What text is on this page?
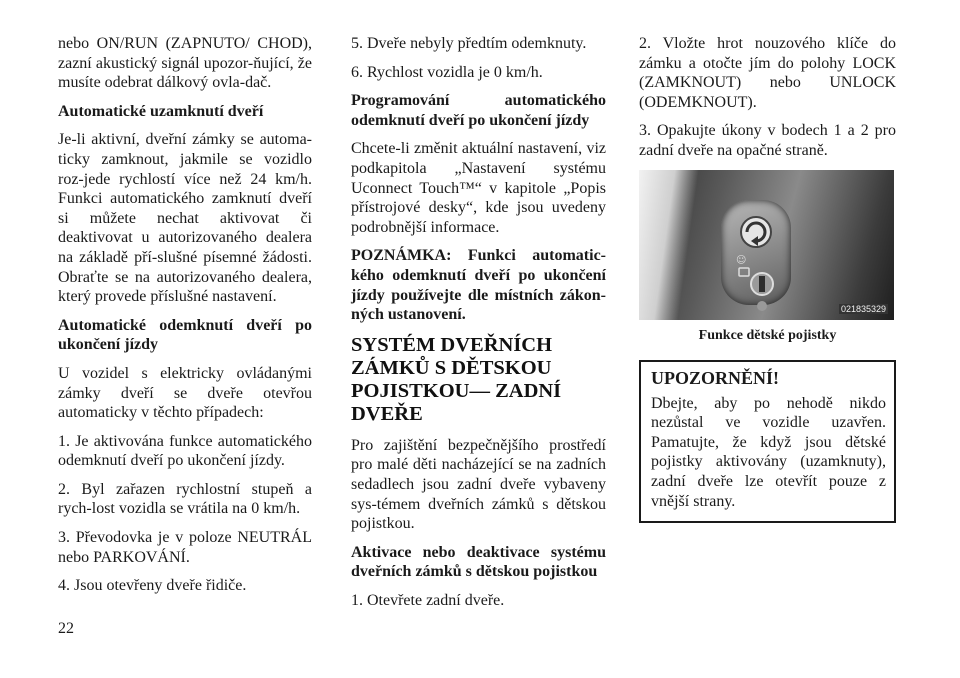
nebo ON/RUN (ZAPNUTO/ CHOD), zazní akustický signál upozor-ňující, že musíte odebrat dálkový ovla-dač.

Automatické uzamknutí dveří

Je-li aktivní, dveřní zámky se automa-ticky zamknout, jakmile se vozidlo roz-jede rychlostí více než 24 km/h. Funkci automatického zamknutí dveří si můžete nechat aktivovat či deaktivovat u autorizovaného dealera na základě pří-slušné písemné žádosti. Obraťte se na autorizovaného dealera, který provede příslušné nastavení.

Automatické odemknutí dveří po ukončení jízdy

U vozidel s elektricky ovládanými zámky dveří se dveře otevřou automaticky v těchto případech:

1. Je aktivována funkce automatického odemknutí dveří po ukončení jízdy.

2. Byl zařazen rychlostní stupeň a rych-lost vozidla se vrátila na 0 km/h.

3. Převodovka je v poloze NEUTRÁL nebo PARKOVÁNÍ.

4. Jsou otevřeny dveře řidiče.

5. Dveře nebyly předtím odemknuty.

6. Rychlost vozidla je 0 km/h.

Programování automatického odemknutí dveří po ukončení jízdy

Chcete-li změnit aktuální nastavení, viz podkapitola „Nastavení systému Uconnect Touch™“ v kapitole „Popis přístrojové desky“, kde jsou uvedeny podrobnější informace.

POZNÁMKA: Funkci automatic-kého odemknutí dveří po ukončení jízdy používejte dle místních zákon-ných ustanovení.

SYSTÉM DVEŘNÍCH ZÁMKŮ S DĚTSKOU POJISTKOU— ZADNÍ DVEŘE

Pro zajištění bezpečnějšího prostředí pro malé děti nacházející se na zadních sedadlech jsou zadní dveře vybaveny sys-témem dveřních zámků s dětskou pojistkou.

Aktivace nebo deaktivace systému dveřních zámků s dětskou pojistkou

1. Otevřete zadní dveře.

2. Vložte hrot nouzového klíče do zámku a otočte jím do polohy LOCK (ZAMKNOUT) nebo UNLOCK (ODEMKNOUT).

3. Opakujte úkony v bodech 1 a 2 pro zadní dveře na opačné straně.

☺
021835329
Funkce dětské pojistky
UPOZORNĚNÍ!

Dbejte, aby po nehodě nikdo nezůstal ve vozidle uzavřen. Pamatujte, že když jsou dětské pojistky aktivovány (uzamknuty), zadní dveře lze otevřít pouze z vnější strany.

22
